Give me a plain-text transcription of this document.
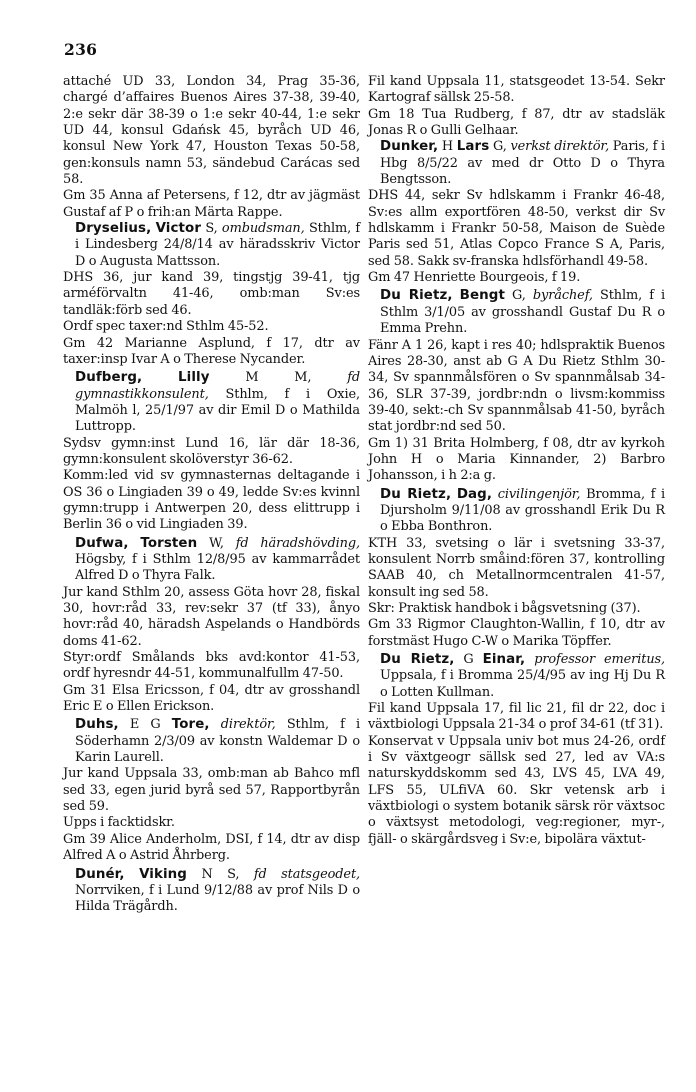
236

attaché UD 33, London 34, Prag 35-36, chargé d’affaires Buenos Aires 37-38, 39-40, 2:e sekr där 38-39 o 1:e sekr 40-44, 1:e sekr UD 44, konsul Gdańsk 45, byråch UD 46, konsul New York 47, Houston Texas 50-58, gen:konsuls namn 53, sändebud Carácas sed 58.

Gm 35 Anna af Petersens, f 12, dtr av jägmäst Gustaf af P o frih:an Märta Rappe.

Dryselius, Victor S, ombudsman, Sthlm, f i Lindesberg 24/8/14 av häradsskriv Victor D o Augusta Mattsson.

DHS 36, jur kand 39, tingstjg 39-41, tjg arméförvaltn 41-46, omb:man Sv:es tandläk:förb sed 46.

Ordf spec taxer:nd Sthlm 45-52.

Gm 42 Marianne Asplund, f 17, dtr av taxer:insp Ivar A o Therese Nycander.

Dufberg,	Lilly	M M,	fd gymnastikkonsulent, Sthlm, f i Oxie, Malmöh l, 25/1/97 av dir Emil D o Mathilda Luttropp.

Sydsv gymn:inst Lund 16, lär där 18-36, gymn:konsulent skolöverstyr 36-62.

Komm:led vid sv gymnasternas deltagande i OS 36 o Lingiaden 39 o 49, ledde Sv:es kvinnl gymn:trupp i Antwerpen 20, dess elittrupp i Berlin 36 o vid Lingiaden 39.

Dufwa, Torsten W, fd häradshövding, Högsby, f i Sthlm 12/8/95 av kammarrådet Alfred D o Thyra Falk.

Jur kand Sthlm 20, assess Göta hovr 28, fiskal 30, hovr:råd 33, rev:sekr 37 (tf 33), ånyo hovr:råd 40, häradsh Aspelands o Handbörds doms 41-62.

Styr:ordf Smålands bks avd:kontor 41-53, ordf hyresndr 44-51, kommunalfullm 47-50.

Gm 31 Elsa Ericsson, f 04, dtr av grosshandl Eric E o Ellen Erickson.

Duhs, E G Tore, direktör, Sthlm, f i Söderhamn 2/3/09 av konstn Waldemar D o Karin Laurell.

Jur kand Uppsala 33, omb:man ab Bahco mfl sed 33, egen jurid byrå sed 57, Rapportbyrån sed 59.

Upps i facktidskr.

Gm 39 Alice Anderholm, DSI, f 14, dtr av disp Alfred A o Astrid Åhrberg.

Dunér, Viking N S, fd statsgeodet, Norrviken, f i Lund 9/12/88 av prof Nils D o Hilda Trägårdh.

Fil kand Uppsala 11, statsgeodet 13-54. Sekr Kartograf sällsk 25-58.

Gm 18 Tua Rudberg, f 87, dtr av stadsläk Jonas R o Gulli Gelhaar.

Dunker, H Lars G, verkst direktör, Paris, f i Hbg 8/5/22 av med dr Otto D o Thyra Bengtsson.

DHS 44, sekr Sv hdlskamm i Frankr 46-48, Sv:es allm exportfören 48-50, verkst dir Sv hdlskamm i Frankr 50-58, Maison de Suède Paris sed 51, Atlas Copco France S A, Paris, sed 58. Sakk sv-franska hdlsförhandl 49-58.

Gm 47 Henriette Bourgeois, f 19.

Du Rietz, Bengt G, byråchef, Sthlm, f i Sthlm 3/1/05 av grosshandl Gustaf Du R o Emma Prehn.

Fänr A 1 26, kapt i res 40; hdlspraktik Buenos Aires 28-30, anst ab G A Du Rietz Sthlm 30-34, Sv spannmålsfören o Sv spannmålsab 34-36, SLR 37-39, jordbr:ndn o livsm:kommiss 39-40, sekt:-ch Sv spannmålsab 41-50, byråch stat jordbr:nd sed 50.

Gm 1) 31 Brita Holmberg, f 08, dtr av kyrkoh John H o Maria Kinnander, 2) Barbro Johansson, i h 2:a g.

Du Rietz, Dag, civilingenjör, Bromma, f i Djursholm 9/11/08 av grosshandl Erik Du R o Ebba Bonthron.

KTH 33, svetsing o lär i svetsning 33-37, konsulent Norrb småind:fören 37, kontrolling SAAB 40, ch Metallnormcentralen 41-57, konsult ing sed 58.

Skr: Praktisk handbok i bågsvetsning (37).

Gm 33 Rigmor Claughton-Wallin, f 10, dtr av forstmäst Hugo C-W o Marika Töpffer.

Du Rietz, G Einar, professor emeritus, Uppsala, f i Bromma 25/4/95 av ing Hj Du R o Lotten Kullman.

Fil kand Uppsala 17, fil lic 21, fil dr 22, doc i växtbiologi Uppsala 21-34 o prof 34-61 (tf 31).

Konservat v Uppsala univ bot mus 24-26, ordf i Sv växtgeogr sällsk sed 27, led av VA:s naturskyddskomm sed 43, LVS 45, LVA 49, LFS 55, ULfiVA 60. Skr vetensk arb i växtbiologi o system botanik särsk rör växtsoc o växtsyst metodologi, veg:regioner, myr-, fjäll- o skärgårdsveg i Sv:e, bipolära växtut-
